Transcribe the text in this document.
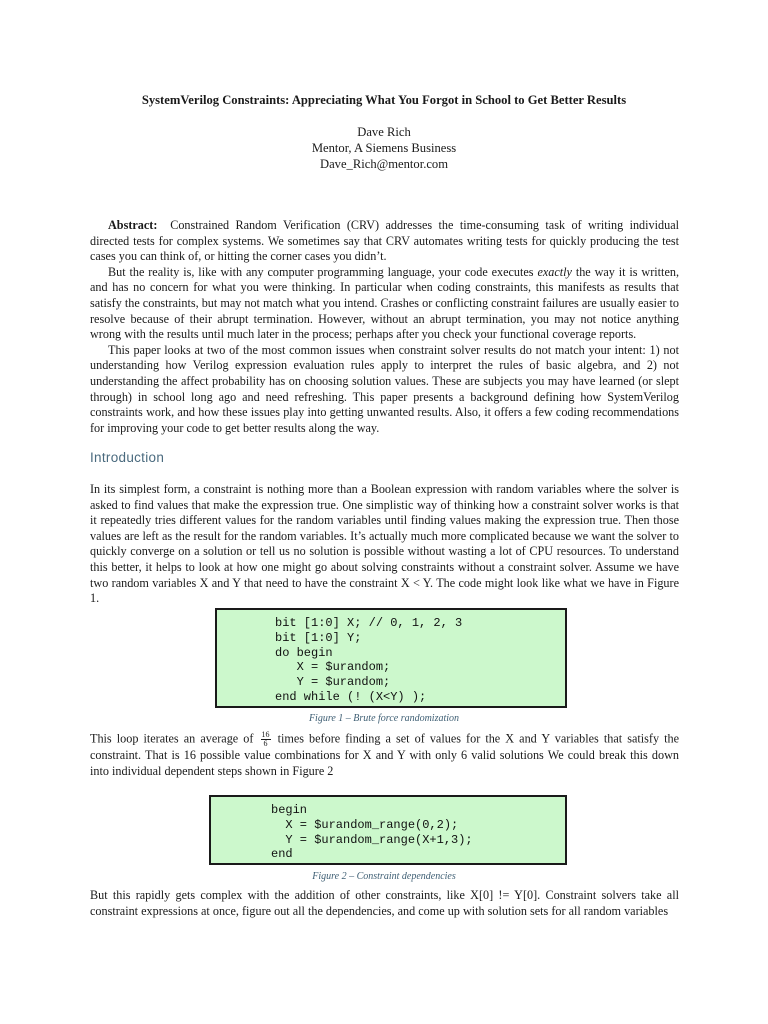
SystemVerilog Constraints: Appreciating What You Forgot in School to Get Better Results
Dave Rich
Mentor, A Siemens Business
Dave_Rich@mentor.com

Abstract: Constrained Random Verification (CRV) addresses the time-consuming task of writing individual directed tests for complex systems. We sometimes say that CRV automates writing tests for quickly producing the test cases you can think of, or hitting the corner cases you didn’t.

But the reality is, like with any computer programming language, your code executes exactly the way it is written, and has no concern for what you were thinking. In particular when coding constraints, this manifests as results that satisfy the constraints, but may not match what you intend. Crashes or conflicting constraint failures are usually easier to resolve because of their abrupt termination. However, without an abrupt termination, you may not notice anything wrong with the results until much later in the process; perhaps after you check your functional coverage reports.

This paper looks at two of the most common issues when constraint solver results do not match your intent: 1) not understanding how Verilog expression evaluation rules apply to interpret the rules of basic algebra, and 2) not understanding the affect probability has on choosing solution values. These are subjects you may have learned (or slept through) in school long ago and need refreshing. This paper presents a background defining how SystemVerilog constraints work, and how these issues play into getting unwanted results. Also, it offers a few coding recommendations for improving your code to get better results along the way.

Introduction

In its simplest form, a constraint is nothing more than a Boolean expression with random variables where the solver is asked to find values that make the expression true. One simplistic way of thinking how a constraint solver works is that it repeatedly tries different values for the random variables until finding values making the expression true. Then those values are left as the result for the random variables. It’s actually much more complicated because we want the solver to quickly converge on a solution or tell us no solution is possible without wasting a lot of CPU resources. To understand this better, it helps to look at how one might go about solving constraints without a constraint solver. Assume we have two random variables X and Y that need to have the constraint X < Y. The code might look like what we have in Figure 1.

bit [1:0] X; // 0, 1, 2, 3
bit [1:0] Y;
do begin
X = $urandom;
Y = $urandom;
end while (! (X<Y) );
Figure 1 – Brute force randomization

This loop iterates an average of $\frac{16}{6}$ times before finding a set of values for the X and Y variables that satisfy the constraint. That is 16 possible value combinations for X and Y with only 6 valid solutions We could break this down into individual dependent steps shown in Figure 2

begin
X = $urandom_range(0,2);
Y = $urandom_range(X+1,3);
end
Figure 2 – Constraint dependencies

But this rapidly gets complex with the addition of other constraints, like X[0] != Y[0]. Constraint solvers take all constraint expressions at once, figure out all the dependencies, and come up with solution sets for all random variables
